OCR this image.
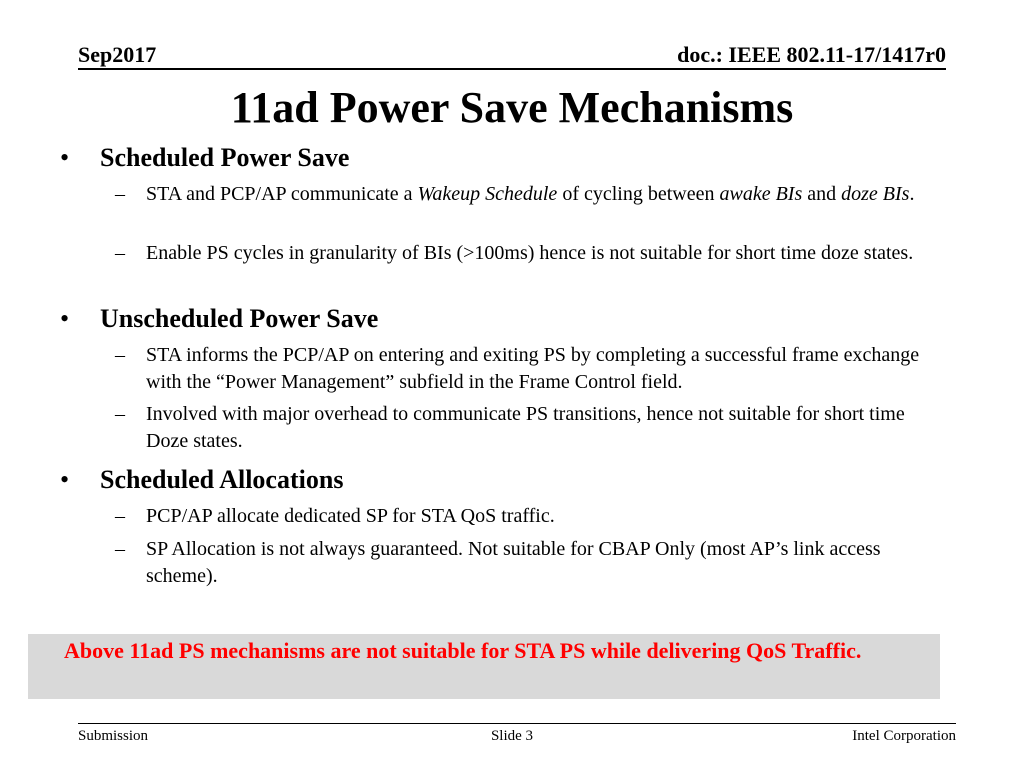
Sep2017	doc.: IEEE 802.11-17/1417r0
11ad Power Save Mechanisms
• Scheduled Power Save
– STA and PCP/AP communicate a Wakeup Schedule of cycling between awake BIs and doze BIs.
– Enable PS cycles in granularity of BIs (>100ms) hence is not suitable for short time doze states.
• Unscheduled Power Save
– STA informs the PCP/AP on entering and exiting PS by completing a successful frame exchange with the “Power Management” subfield in the Frame Control field.
– Involved with major overhead to communicate PS transitions, hence not suitable for short time Doze states.
• Scheduled Allocations
– PCP/AP allocate dedicated SP for STA QoS traffic.
– SP Allocation is not always guaranteed. Not suitable for CBAP Only (most AP’s link access scheme).
Above 11ad PS mechanisms are not suitable for STA PS while delivering QoS Traffic.
Submission	Slide 3	Intel Corporation
